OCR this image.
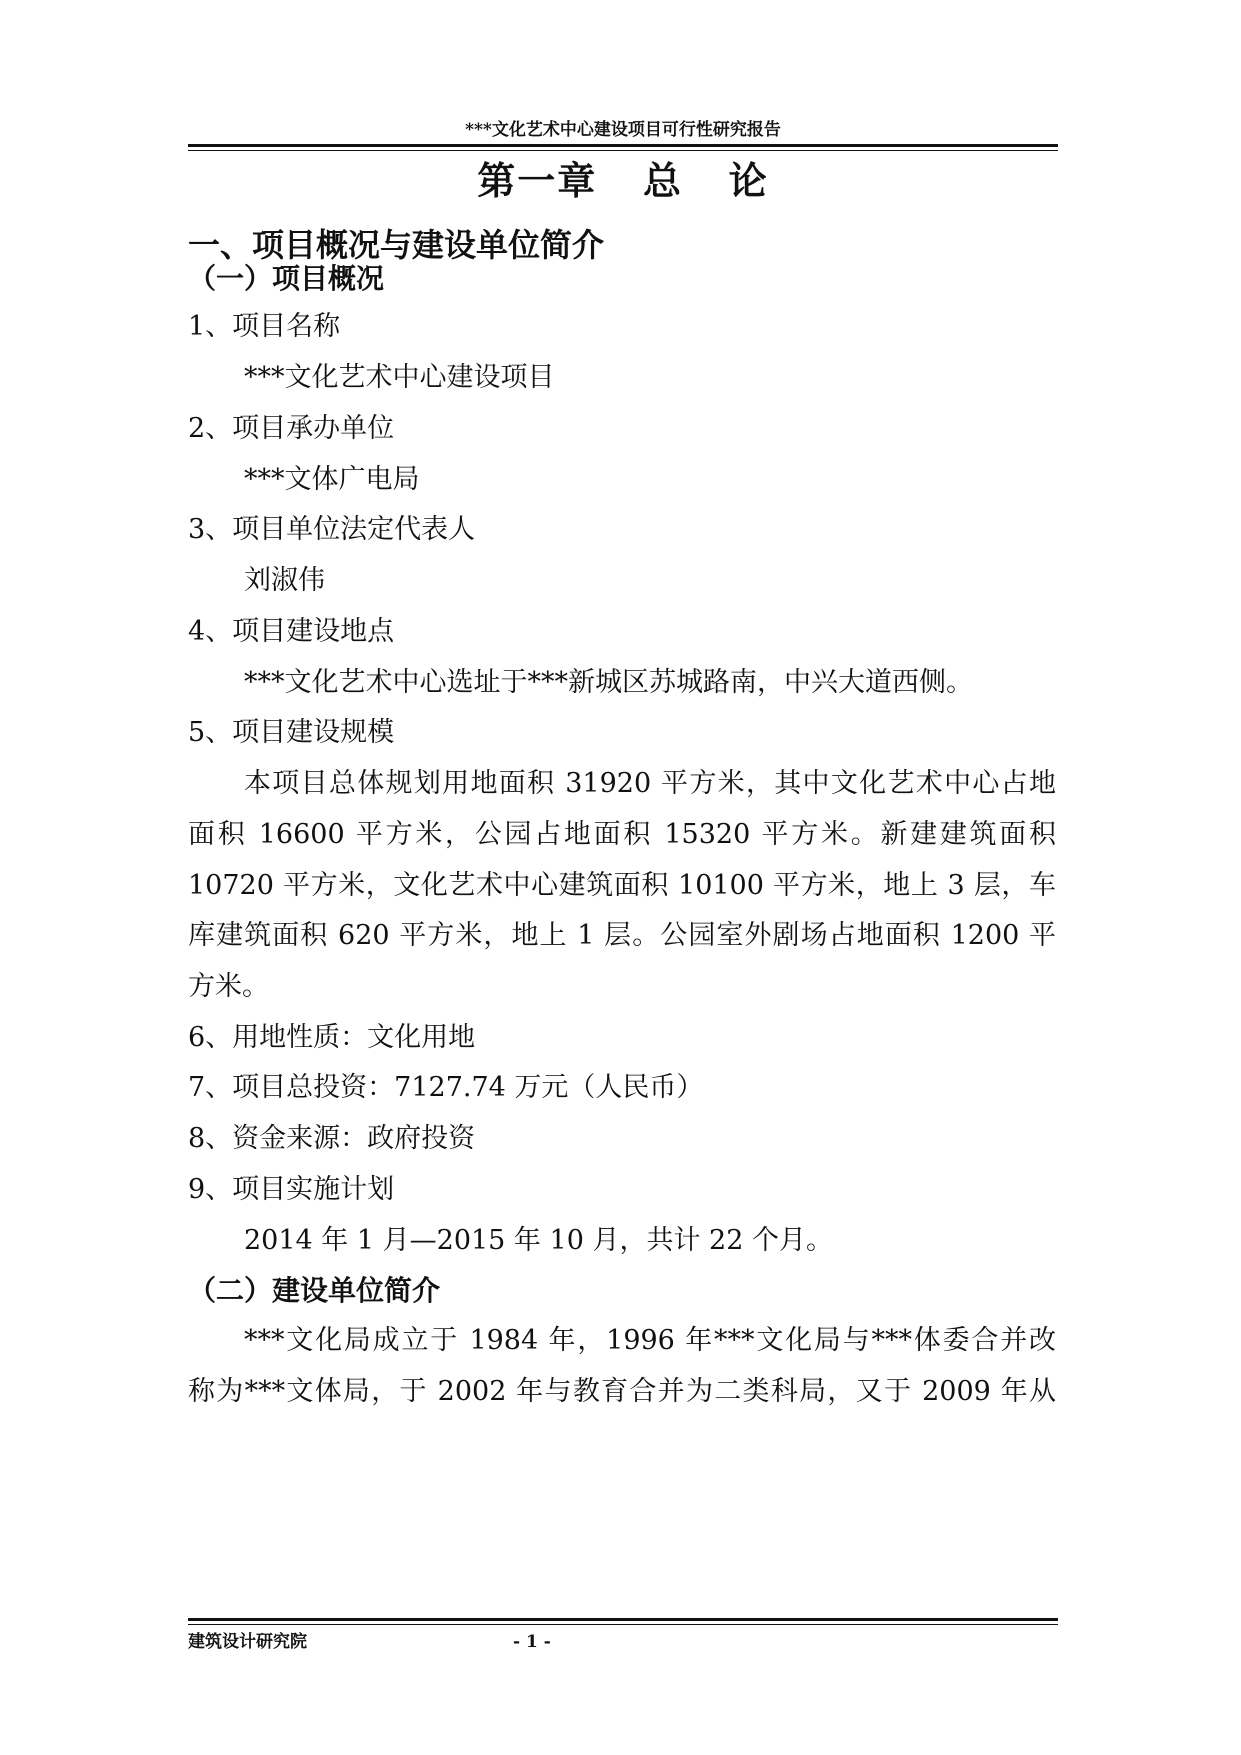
***文化艺术中心建设项目可行性研究报告
第一章   总   论
一、项目概况与建设单位简介
（一）项目概况
1、项目名称
***文化艺术中心建设项目
2、项目承办单位
***文体广电局
3、项目单位法定代表人
刘淑伟
4、项目建设地点
***文化艺术中心选址于***新城区苏城路南，中兴大道西侧。
5、项目建设规模
本项目总体规划用地面积 31920 平方米，其中文化艺术中心占地
面积 16600 平方米，公园占地面积 15320 平方米。新建建筑面积
10720 平方米，文化艺术中心建筑面积 10100 平方米，地上 3 层，车
库建筑面积 620 平方米，地上 1 层。公园室外剧场占地面积 1200 平
方米。
6、用地性质：文化用地
7、项目总投资：7127.74 万元（人民币）
8、资金来源：政府投资
9、项目实施计划
2014 年 1 月—2015 年 10 月，共计 22 个月。
（二）建设单位简介
***文化局成立于 1984 年，1996 年***文化局与***体委合并改
称为***文体局，于 2002 年与教育合并为二类科局，又于 2009 年从
建筑设计研究院	- 1 -
